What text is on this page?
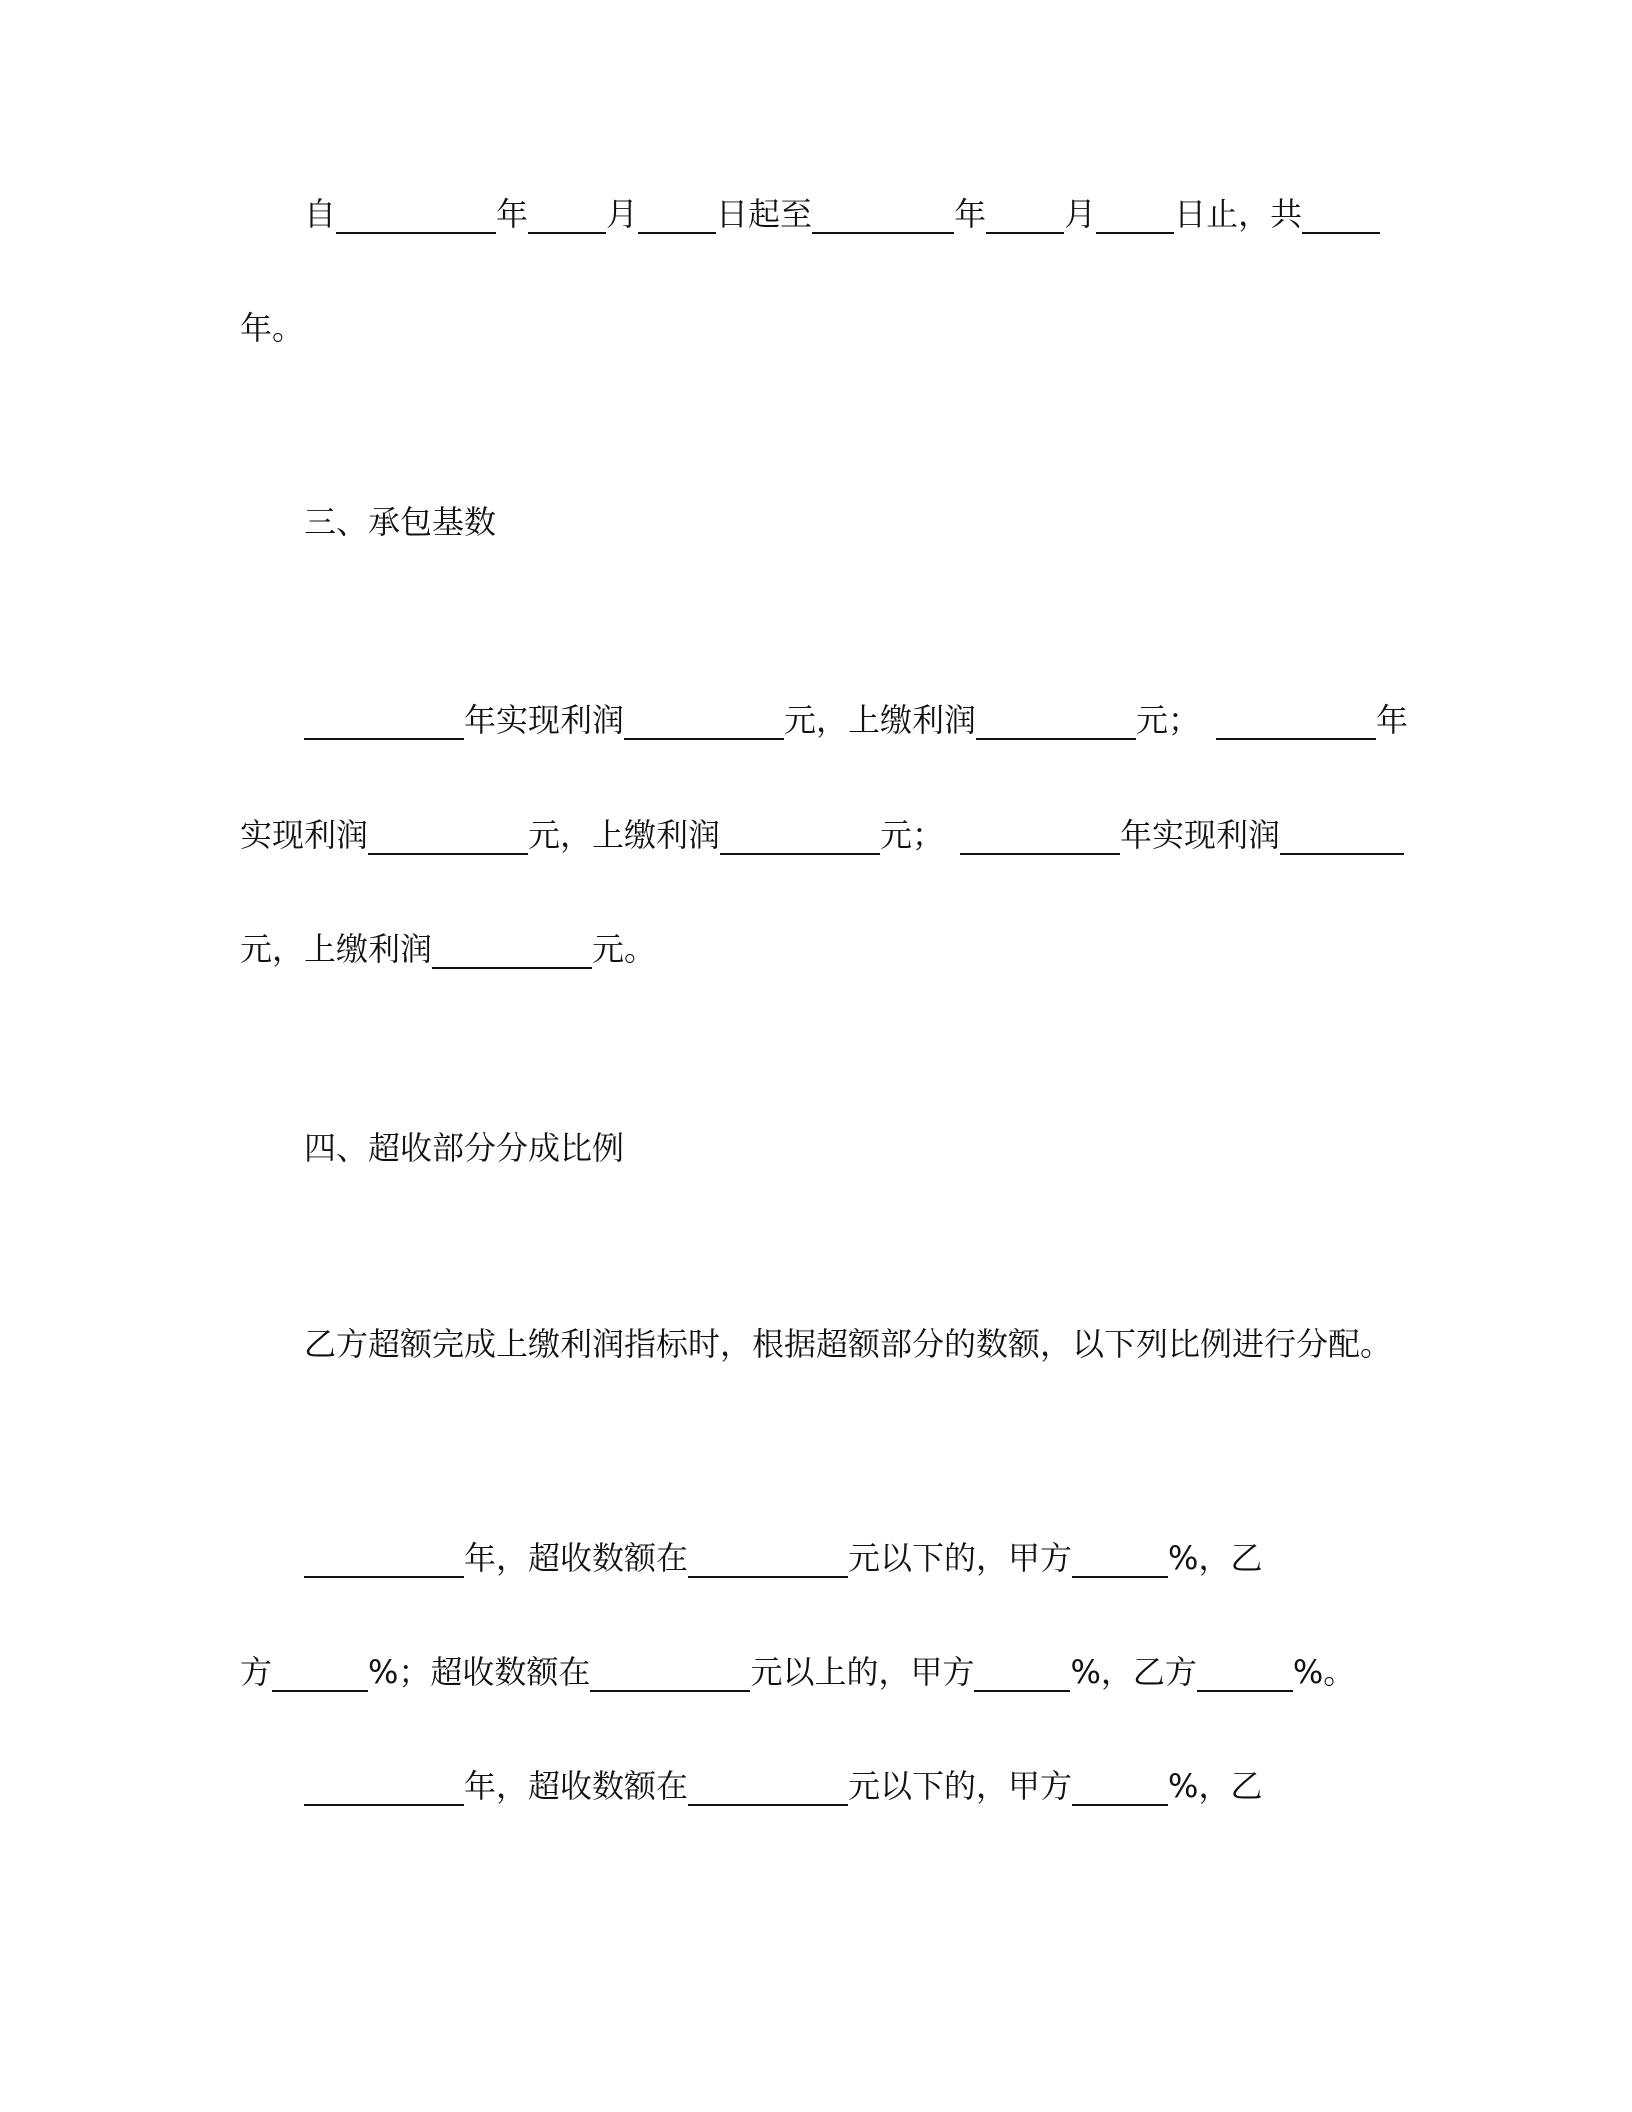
自	年 月 日起至	年 月 日止，共
年。
三、承包基数
年实现利润	元，上缴利润	元；	年
实现利润	元，上缴利润	元；	年实现利润
元，上缴利润	元。
四、超收部分分成比例
乙方超额完成上缴利润指标时，根据超额部分的数额，以下列比例进行分配。
年，超收数额在	元以下的，甲方	%，乙
方	%；超收数额在	元以上的，甲方	%，乙方	%。
年，超收数额在	元以下的，甲方	%，乙
